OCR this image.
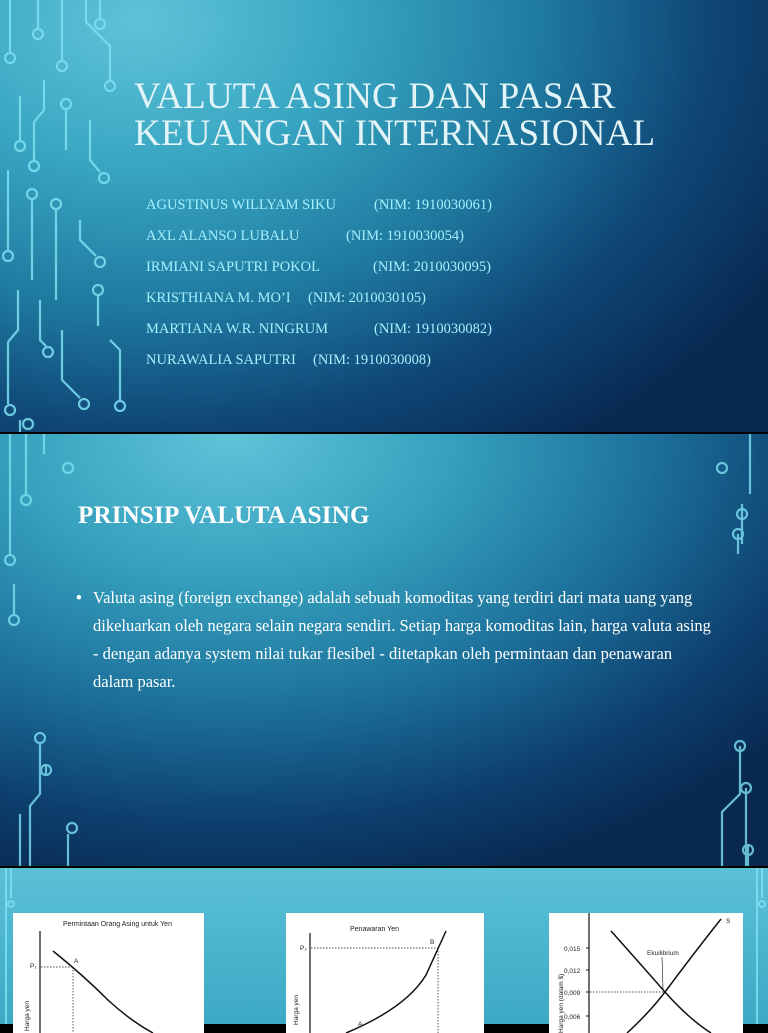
VALUTA ASING DAN PASAR KEUANGAN INTERNASIONAL
AGUSTINUS WILLYAM SIKU	(NIM: 1910030061)
AXL ALANSO LUBALU	(NIM: 1910030054)
IRMIANI SAPUTRI POKOL	(NIM: 2010030095)
KRISTHIANA M. MO’I (NIM: 2010030105)
MARTIANA W.R. NINGRUM	(NIM: 1910030082)
NURAWALIA SAPUTRI (NIM: 1910030008)
PRINSIP VALUTA ASING
• Valuta asing (foreign exchange) adalah sebuah komoditas yang terdiri dari mata uang yang dikeluarkan oleh negara selain negara sendiri. Setiap harga komoditas lain, harga valuta asing - dengan adanya system nilai tukar flesibel - ditetapkan oleh permintaan dan penawaran dalam pasar.
Permintaan Orang Asing untuk Yen
Harga yen
P₁
A
Penawaran Yen
Harga yen
P₂
B
A	Harga yen (dalam $)
0,015
0,012
0,009
0,006
S
Ekuilibrium
